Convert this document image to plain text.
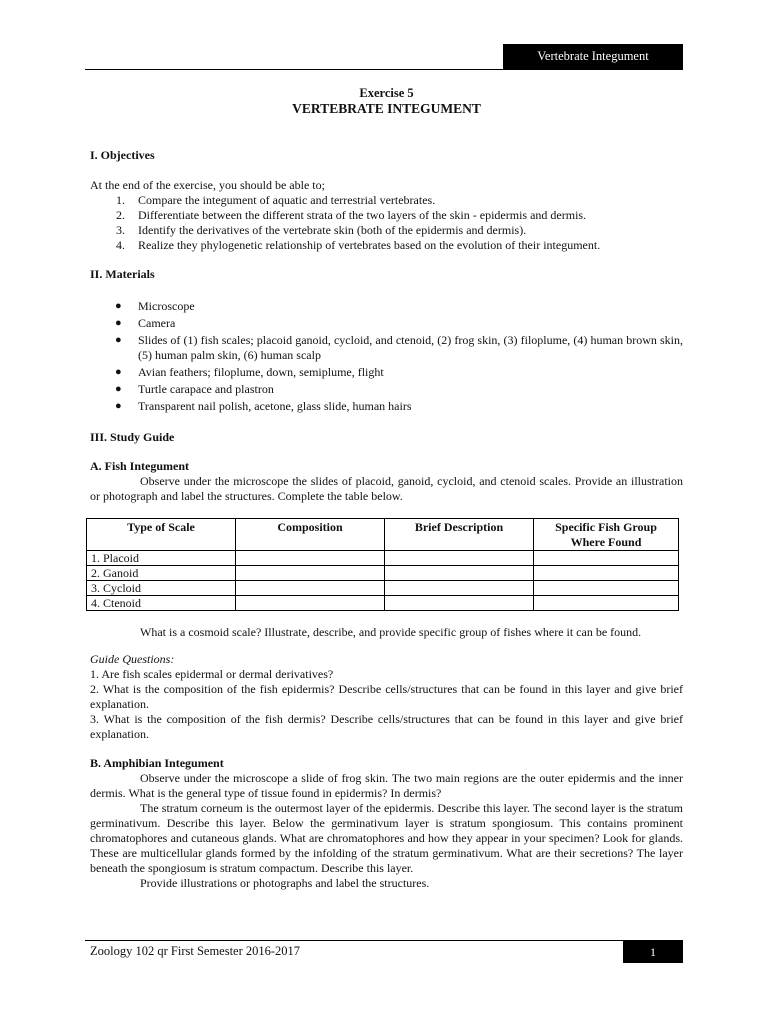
Vertebrate Integument
Exercise 5
VERTEBRATE INTEGUMENT
I. Objectives

At the end of the exercise, you should be able to;

1. Compare the integument of aquatic and terrestrial vertebrates.
2. Differentiate between the different strata of the two layers of the skin - epidermis and dermis.
3. Identify the derivatives of the vertebrate skin (both of the epidermis and dermis).
4. Realize they phylogenetic relationship of vertebrates based on the evolution of their integument.
II. Materials
● Microscope
● Camera
● Slides of (1) fish scales; placoid ganoid, cycloid, and ctenoid, (2) frog skin, (3) filoplume, (4) human brown skin, (5) human palm skin, (6) human scalp
● Avian feathers; filoplume, down, semiplume, flight
● Turtle carapace and plastron
● Transparent nail polish, acetone, glass slide, human hairs
III. Study Guide
A. Fish Integument

Observe under the microscope the slides of placoid, ganoid, cycloid, and ctenoid scales. Provide an illustration or photograph and label the structures. Complete the table below.

Type of Scale	Composition	Brief Description	Specific Fish Group Where Found
1. Placoid			
2. Ganoid			
3. Cycloid			
4. Ctenoid			

What is a cosmoid scale? Illustrate, describe, and provide specific group of fishes where it can be found.

Guide Questions:

1. Are fish scales epidermal or dermal derivatives?

2. What is the composition of the fish epidermis? Describe cells/structures that can be found in this layer and give brief explanation.

3. What is the composition of the fish dermis? Describe cells/structures that can be found in this layer and give brief explanation.

B. Amphibian Integument

Observe under the microscope a slide of frog skin. The two main regions are the outer epidermis and the inner dermis. What is the general type of tissue found in epidermis? In dermis?

The stratum corneum is the outermost layer of the epidermis. Describe this layer. The second layer is the stratum germinativum. Describe this layer. Below the germinativum layer is stratum spongiosum. This contains prominent chromatophores and cutaneous glands. What are chromatophores and how they appear in your specimen? Look for glands. These are multicellular glands formed by the infolding of the stratum germinativum. What are their secretions? The layer beneath the spongiosum is stratum compactum. Describe this layer.

Provide illustrations or photographs and label the structures.

Zoology 102 qr First Semester 2016-2017	1
